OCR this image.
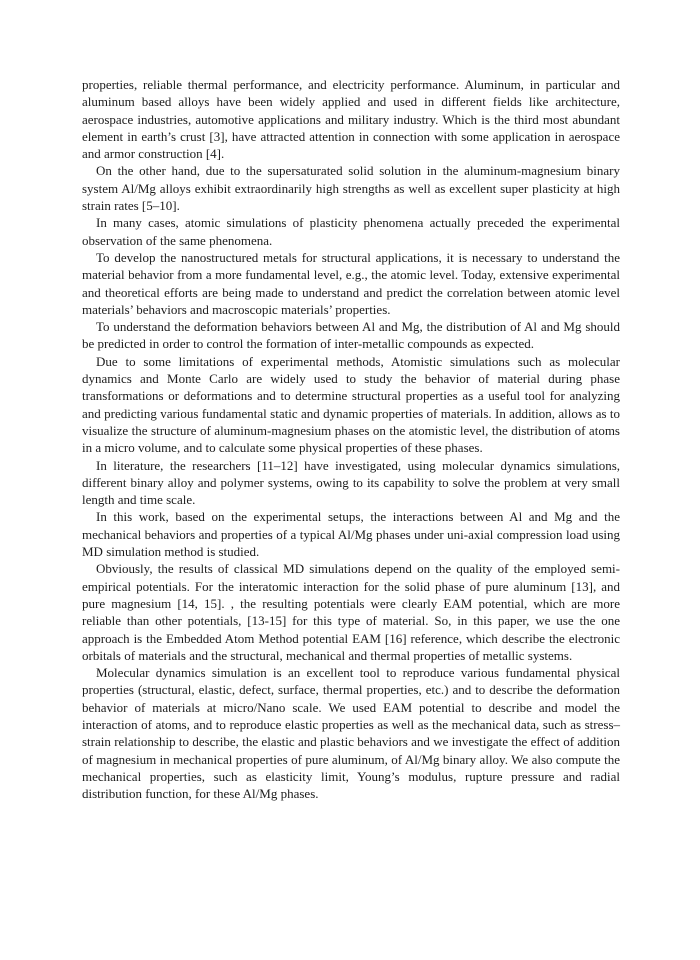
properties, reliable thermal performance, and electricity performance. Aluminum, in particular and aluminum based alloys have been widely applied and used in different fields like architecture, aerospace industries, automotive applications and military industry. Which is the third most abundant element in earth’s crust [3], have attracted attention in connection with some application in aerospace and armor construction [4].

On the other hand, due to the supersaturated solid solution in the aluminum-magnesium binary system Al/Mg alloys exhibit extraordinarily high strengths as well as excellent super plasticity at high strain rates [5–10].

In many cases, atomic simulations of plasticity phenomena actually preceded the experimental observation of the same phenomena.

To develop the nanostructured metals for structural applications, it is necessary to understand the material behavior from a more fundamental level, e.g., the atomic level. Today, extensive experimental and theoretical efforts are being made to understand and predict the correlation between atomic level materials’ behaviors and macroscopic materials’ properties.

To understand the deformation behaviors between Al and Mg, the distribution of Al and Mg should be predicted in order to control the formation of inter-metallic compounds as expected.

Due to some limitations of experimental methods, Atomistic simulations such as molecular dynamics and Monte Carlo are widely used to study the behavior of material during phase transformations or deformations and to determine structural properties as a useful tool for analyzing and predicting various fundamental static and dynamic properties of materials. In addition, allows as to visualize the structure of aluminum-magnesium phases on the atomistic level, the distribution of atoms in a micro volume, and to calculate some physical properties of these phases.

In literature, the researchers [11–12] have investigated, using molecular dynamics simulations, different binary alloy and polymer systems, owing to its capability to solve the problem at very small length and time scale.

In this work, based on the experimental setups, the interactions between Al and Mg and the mechanical behaviors and properties of a typical Al/Mg phases under uni-axial compression load using MD simulation method is studied.

Obviously, the results of classical MD simulations depend on the quality of the employed semi-empirical potentials. For the interatomic interaction for the solid phase of pure aluminum [13], and pure magnesium [14, 15]. , the resulting potentials were clearly EAM potential, which are more reliable than other potentials, [13-15] for this type of material. So, in this paper, we use the one approach is the Embedded Atom Method potential EAM [16] reference, which describe the electronic orbitals of materials and the structural, mechanical and thermal properties of metallic systems.

Molecular dynamics simulation is an excellent tool to reproduce various fundamental physical properties (structural, elastic, defect, surface, thermal properties, etc.) and to describe the deformation behavior of materials at micro/Nano scale. We used EAM potential to describe and model the interaction of atoms, and to reproduce elastic properties as well as the mechanical data, such as stress–strain relationship to describe, the elastic and plastic behaviors and we investigate the effect of addition of magnesium in mechanical properties of pure aluminum, of Al/Mg binary alloy. We also compute the mechanical properties, such as elasticity limit, Young’s modulus, rupture pressure and radial distribution function, for these Al/Mg phases.
